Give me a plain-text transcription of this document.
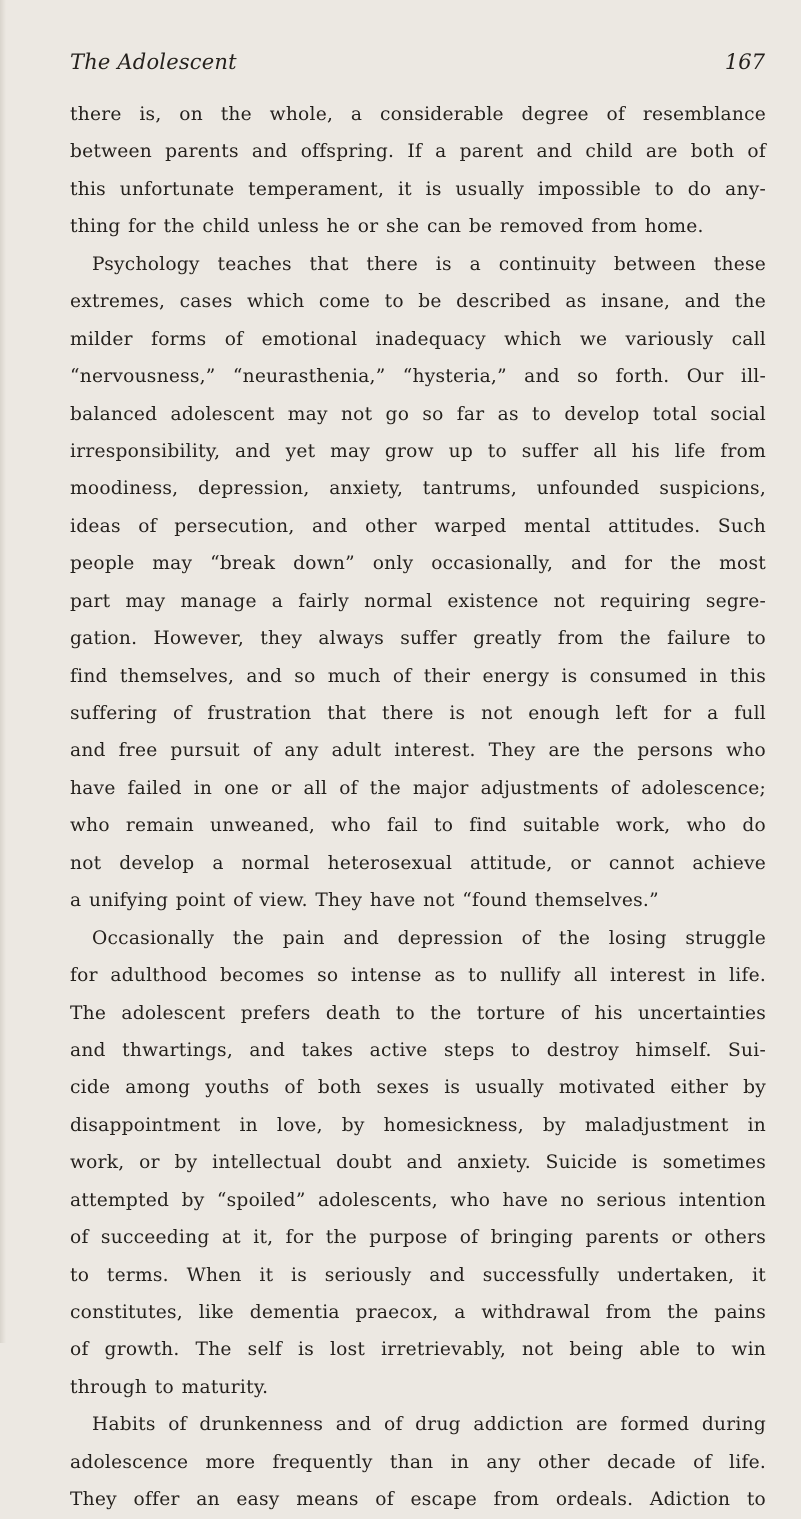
The Adolescent	167
there is, on the whole, a considerable degree of resemblance
between parents and offspring. If a parent and child are both of
this unfortunate temperament, it is usually impossible to do any-
thing for the child unless he or she can be removed from home.
Psychology teaches that there is a continuity between these
extremes, cases which come to be described as insane, and the
milder forms of emotional inadequacy which we variously call
“nervousness,” “neurasthenia,” “hysteria,” and so forth. Our ill-
balanced adolescent may not go so far as to develop total social
irresponsibility, and yet may grow up to suffer all his life from
moodiness, depression, anxiety, tantrums, unfounded suspicions,
ideas of persecution, and other warped mental attitudes. Such
people may “break down” only occasionally, and for the most
part may manage a fairly normal existence not requiring segre-
gation. However, they always suffer greatly from the failure to
find themselves, and so much of their energy is consumed in this
suffering of frustration that there is not enough left for a full
and free pursuit of any adult interest. They are the persons who
have failed in one or all of the major adjustments of adolescence;
who remain unweaned, who fail to find suitable work, who do
not develop a normal heterosexual attitude, or cannot achieve
a unifying point of view. They have not “found themselves.”
Occasionally the pain and depression of the losing struggle
for adulthood becomes so intense as to nullify all interest in life.
The adolescent prefers death to the torture of his uncertainties
and thwartings, and takes active steps to destroy himself. Sui-
cide among youths of both sexes is usually motivated either by
disappointment in love, by homesickness, by maladjustment in
work, or by intellectual doubt and anxiety. Suicide is sometimes
attempted by “spoiled” adolescents, who have no serious intention
of succeeding at it, for the purpose of bringing parents or others
to terms. When it is seriously and successfully undertaken, it
constitutes, like dementia praecox, a withdrawal from the pains
of growth. The self is lost irretrievably, not being able to win
through to maturity.
Habits of drunkenness and of drug addiction are formed during
adolescence more frequently than in any other decade of life.
They offer an easy means of escape from ordeals. Adiction to
